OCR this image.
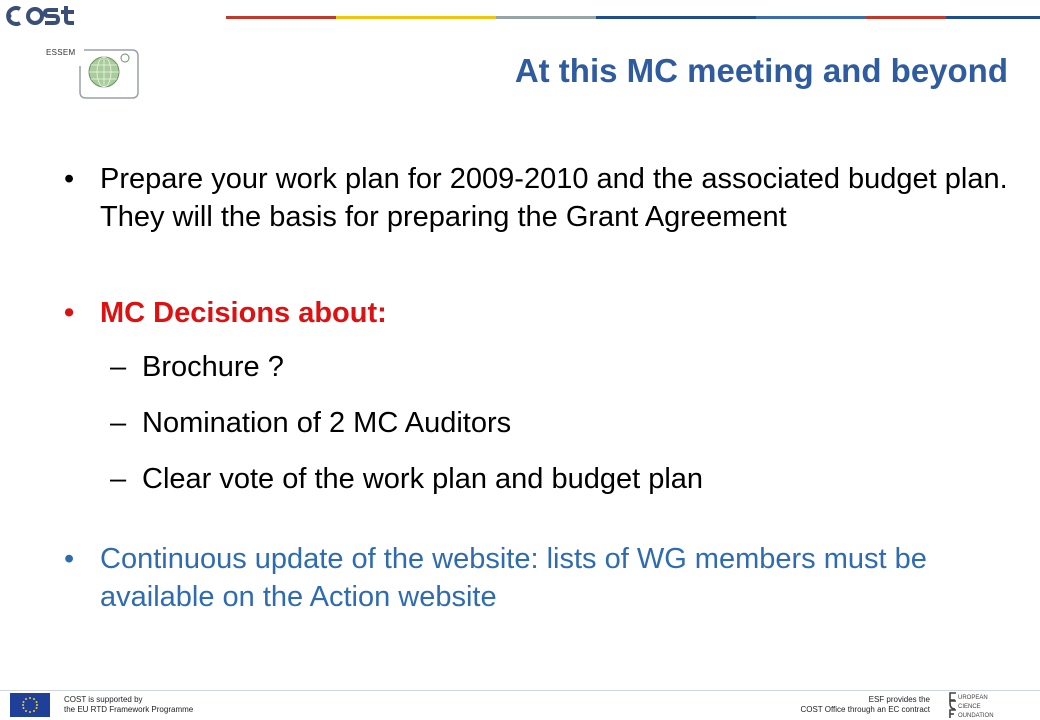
ESSEM	At this MC meeting and beyond

• Prepare your work plan for 2009-2010 and the associated budget plan. They will the basis for preparing the Grant Agreement

• MC Decisions about:

– Brochure ?
– Nomination of 2 MC Auditors
– Clear vote of the work plan and budget plan

• Continuous update of the website: lists of WG members must be available on the Action website

COST is supported by
the EU RTD Framework Programme
ESF provides the
COST Office through an EC contract
UROPEAN
CIENCE
OUNDATION
